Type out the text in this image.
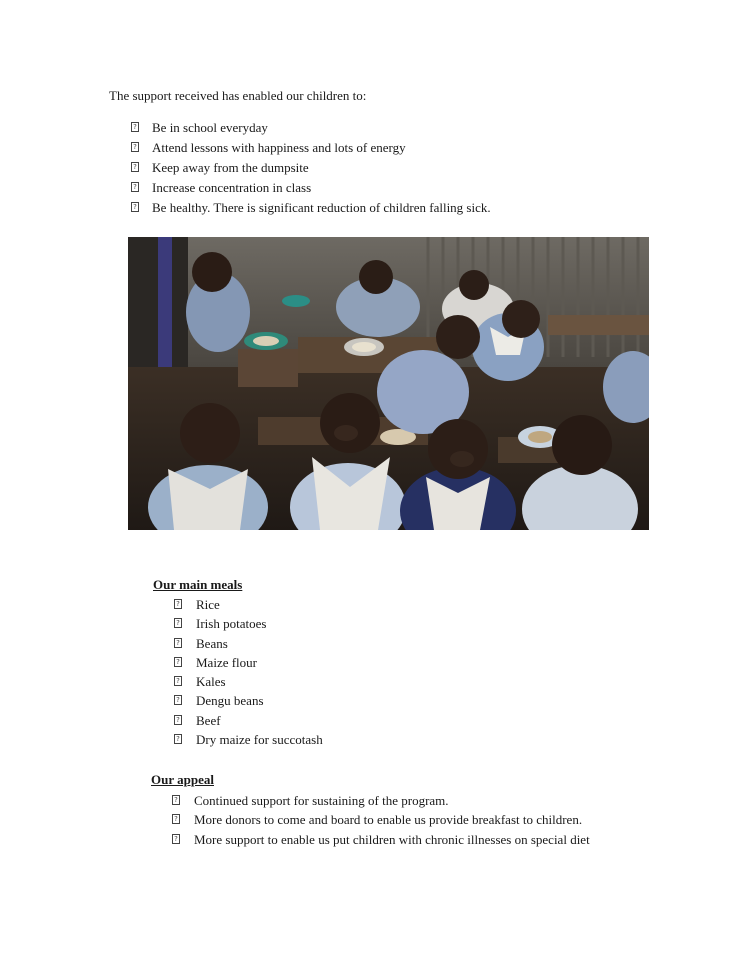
The support received has enabled our children to:
? Be in school everyday
? Attend lessons with happiness and lots of energy
? Keep away from the dumpsite
? Increase concentration in class
? Be healthy. There is significant reduction of children falling sick.
Our main meals
? Rice
? Irish potatoes
? Beans
? Maize flour
? Kales
? Dengu beans
? Beef
? Dry maize for succotash
Our appeal
? Continued support for sustaining of the program.
? More donors to come and board to enable us provide breakfast to children.
? More support to enable us put children with chronic illnesses on special diet
